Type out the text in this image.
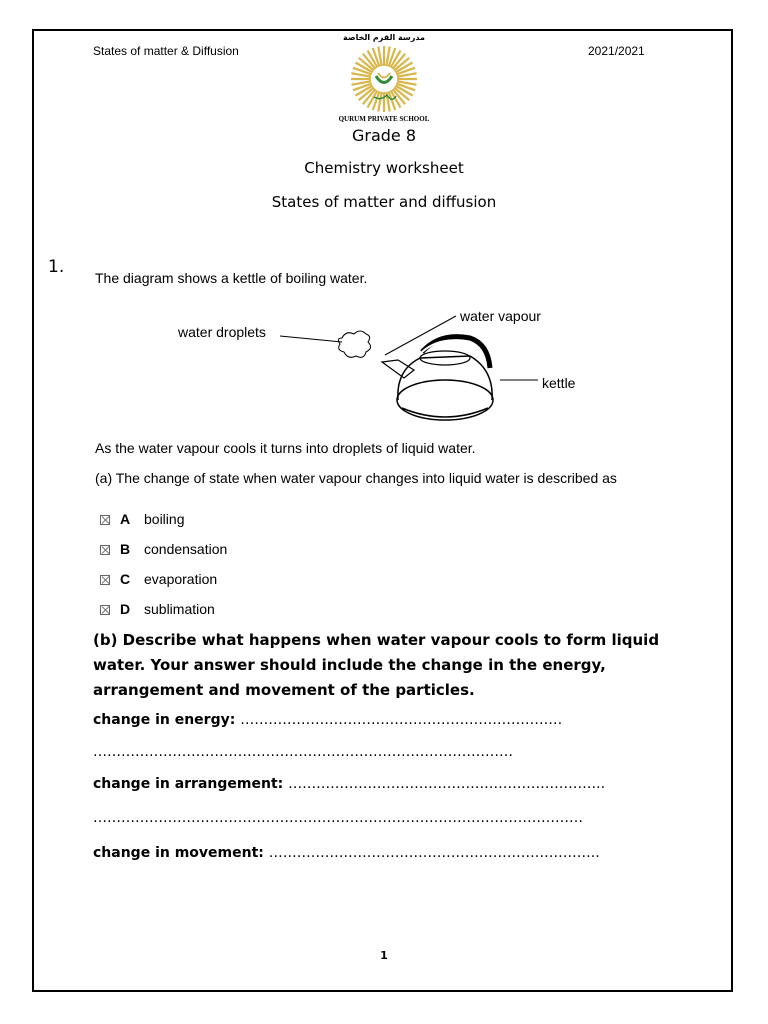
States of matter & Diffusion	2021/2021
مدرسة القرم الخاصة
QURUM PRIVATE SCHOOL
Grade 8
Chemistry worksheet
States of matter and diffusion
1.
The diagram shows a kettle of boiling water.
water droplets
water vapour
kettle
As the water vapour cools it turns into droplets of liquid water.
(a) The change of state when water vapour changes into liquid water is described as
A boiling
B condensation
C evaporation
D sublimation
(b) Describe what happens when water vapour cools to form liquid water. Your answer should include the change in the energy, arrangement and movement of the particles.
change in energy: ……………………………………………………………
………………………………………………………………………………
change in arrangement: …………………………………………………………..
……………………………………………………………………………………………
change in movement: ……………………………………………………………..
1
